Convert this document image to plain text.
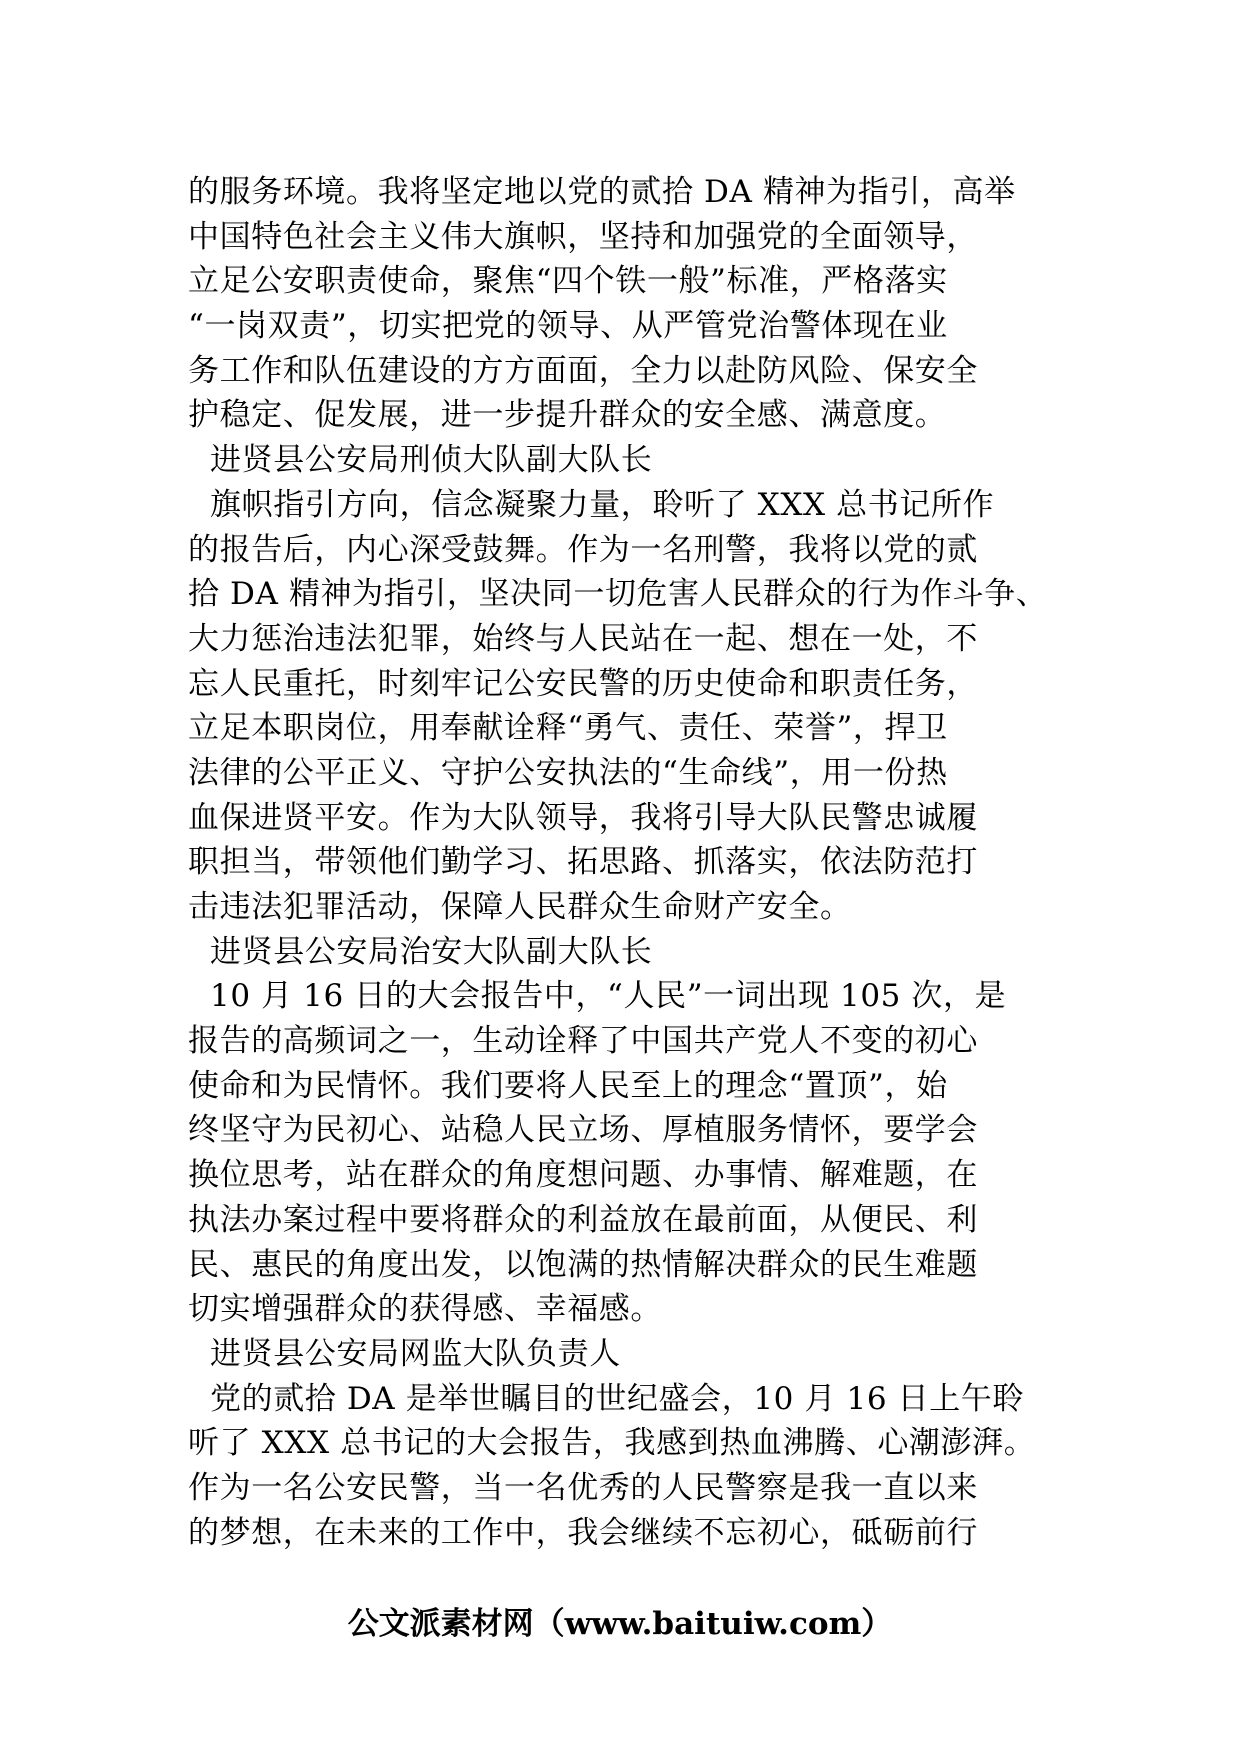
的服务环境。我将坚定地以党的贰拾 DA 精神为指引，高举
中国特色社会主义伟大旗帜，坚持和加强党的全面领导，
立足公安职责使命，聚焦“四个铁一般”标准，严格落实
“一岗双责”，切实把党的领导、从严管党治警体现在业
务工作和队伍建设的方方面面，全力以赴防风险、保安全
护稳定、促发展，进一步提升群众的安全感、满意度。
进贤县公安局刑侦大队副大队长
旗帜指引方向，信念凝聚力量，聆听了 XXX 总书记所作
的报告后，内心深受鼓舞。作为一名刑警，我将以党的贰
拾 DA 精神为指引，坚决同一切危害人民群众的行为作斗争、
大力惩治违法犯罪，始终与人民站在一起、想在一处，不
忘人民重托，时刻牢记公安民警的历史使命和职责任务，
立足本职岗位，用奉献诠释“勇气、责任、荣誉”，捍卫
法律的公平正义、守护公安执法的“生命线”，用一份热
血保进贤平安。作为大队领导，我将引导大队民警忠诚履
职担当，带领他们勤学习、拓思路、抓落实，依法防范打
击违法犯罪活动，保障人民群众生命财产安全。
进贤县公安局治安大队副大队长
10 月 16 日的大会报告中，“人民”一词出现 105 次，是
报告的高频词之一，生动诠释了中国共产党人不变的初心
使命和为民情怀。我们要将人民至上的理念“置顶”，始
终坚守为民初心、站稳人民立场、厚植服务情怀，要学会
换位思考，站在群众的角度想问题、办事情、解难题，在
执法办案过程中要将群众的利益放在最前面，从便民、利
民、惠民的角度出发，以饱满的热情解决群众的民生难题
切实增强群众的获得感、幸福感。
进贤县公安局网监大队负责人
党的贰拾 DA 是举世瞩目的世纪盛会，10 月 16 日上午聆
听了 XXX 总书记的大会报告，我感到热血沸腾、心潮澎湃。
作为一名公安民警，当一名优秀的人民警察是我一直以来
的梦想，在未来的工作中，我会继续不忘初心，砥砺前行
公文派素材网（www.baituiw.com）
